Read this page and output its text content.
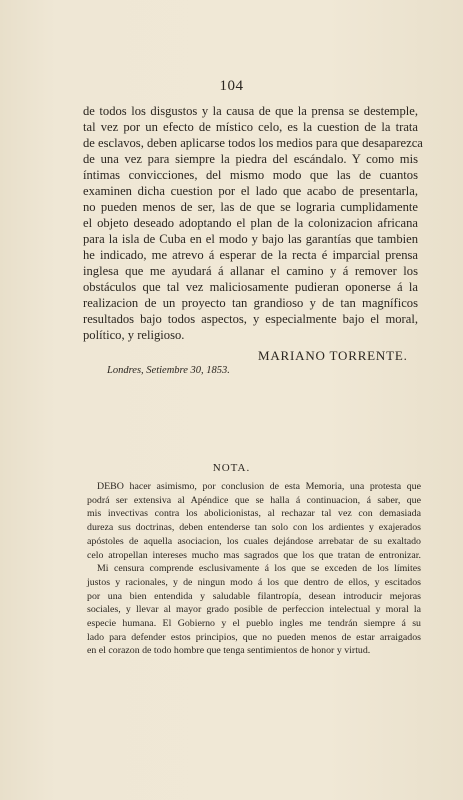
104
de todos los disgustos y la causa de que la prensa se destemple,
tal vez por un efecto de místico celo, es la cuestion de la trata
de esclavos, deben aplicarse todos los medios para que desaparezca
de una vez para siempre la piedra del escándalo. Y como mis
íntimas convicciones, del mismo modo que las de cuantos
examinen dicha cuestion por el lado que acabo de presentarla,
no pueden menos de ser, las de que se lograria cumplidamente
el objeto deseado adoptando el plan de la colonizacion africana
para la isla de Cuba en el modo y bajo las garantías que tambien
he indicado, me atrevo á esperar de la recta é imparcial prensa
inglesa que me ayudará á allanar el camino y á remover los
obstáculos que tal vez maliciosamente pudieran oponerse á la
realizacion de un proyecto tan grandioso y de tan magníficos
resultados bajo todos aspectos, y especialmente bajo el moral,
político, y religioso.
MARIANO TORRENTE.
Londres, Setiembre 30, 1853.
NOTA.
DEBO hacer asimismo, por conclusion de esta Memoria, una protesta que
podrá ser extensiva al Apéndice que se halla á continuacion, á saber, que
mis invectivas contra los abolicionistas, al rechazar tal vez con demasiada
dureza sus doctrinas, deben entenderse tan solo con los ardientes y exajerados
apóstoles de aquella asociacion, los cuales dejándose arrebatar de su exaltado
celo atropellan intereses mucho mas sagrados que los que tratan de entronizar.
Mi censura comprende esclusivamente á los que se exceden de los límites
justos y racionales, y de ningun modo á los que dentro de ellos, y escitados
por una bien entendida y saludable filantropía, desean introducir mejoras
sociales, y llevar al mayor grado posible de perfeccion intelectual y moral la
especie humana. El Gobierno y el pueblo ingles me tendrán siempre á su
lado para defender estos principios, que no pueden menos de estar arraigados
en el corazon de todo hombre que tenga sentimientos de honor y virtud.
